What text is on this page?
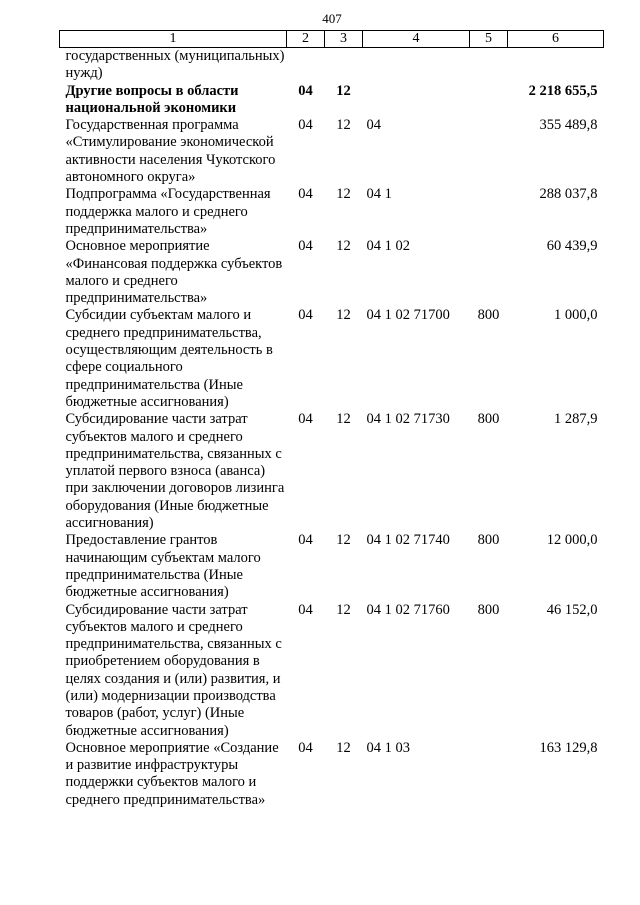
407
1	2	3	4	5	6
государственных (муниципальных) нужд)					
Другие вопросы в области национальной экономики	04	12			2 218 655,5
Государственная программа «Стимулирование экономической активности населения Чукотского автономного округа»	04	12	04		355 489,8
Подпрограмма «Государственная поддержка малого и среднего предпринимательства»	04	12	04 1		288 037,8
Основное мероприятие «Финансовая поддержка субъектов малого и среднего предпринимательства»	04	12	04 1 02		60 439,9
Субсидии субъектам малого и среднего предпринимательства, осуществляющим деятельность в сфере социального предпринимательства (Иные бюджетные ассигнования)	04	12	04 1 02 71700	800	1 000,0
Субсидирование части затрат субъектов малого и среднего предпринимательства, связанных с уплатой первого взноса (аванса) при заключении договоров лизинга оборудования (Иные бюджетные ассигнования)	04	12	04 1 02 71730	800	1 287,9
Предоставление грантов начинающим субъектам малого предпринимательства (Иные бюджетные ассигнования)	04	12	04 1 02 71740	800	12 000,0
Субсидирование части затрат субъектов малого и среднего предпринимательства, связанных с приобретением оборудования в целях создания и (или) развития, и (или) модернизации производства товаров (работ, услуг) (Иные бюджетные ассигнования)	04	12	04 1 02 71760	800	46 152,0
Основное мероприятие «Создание и развитие инфраструктуры поддержки субъектов малого и среднего предпринимательства»	04	12	04 1 03		163 129,8
